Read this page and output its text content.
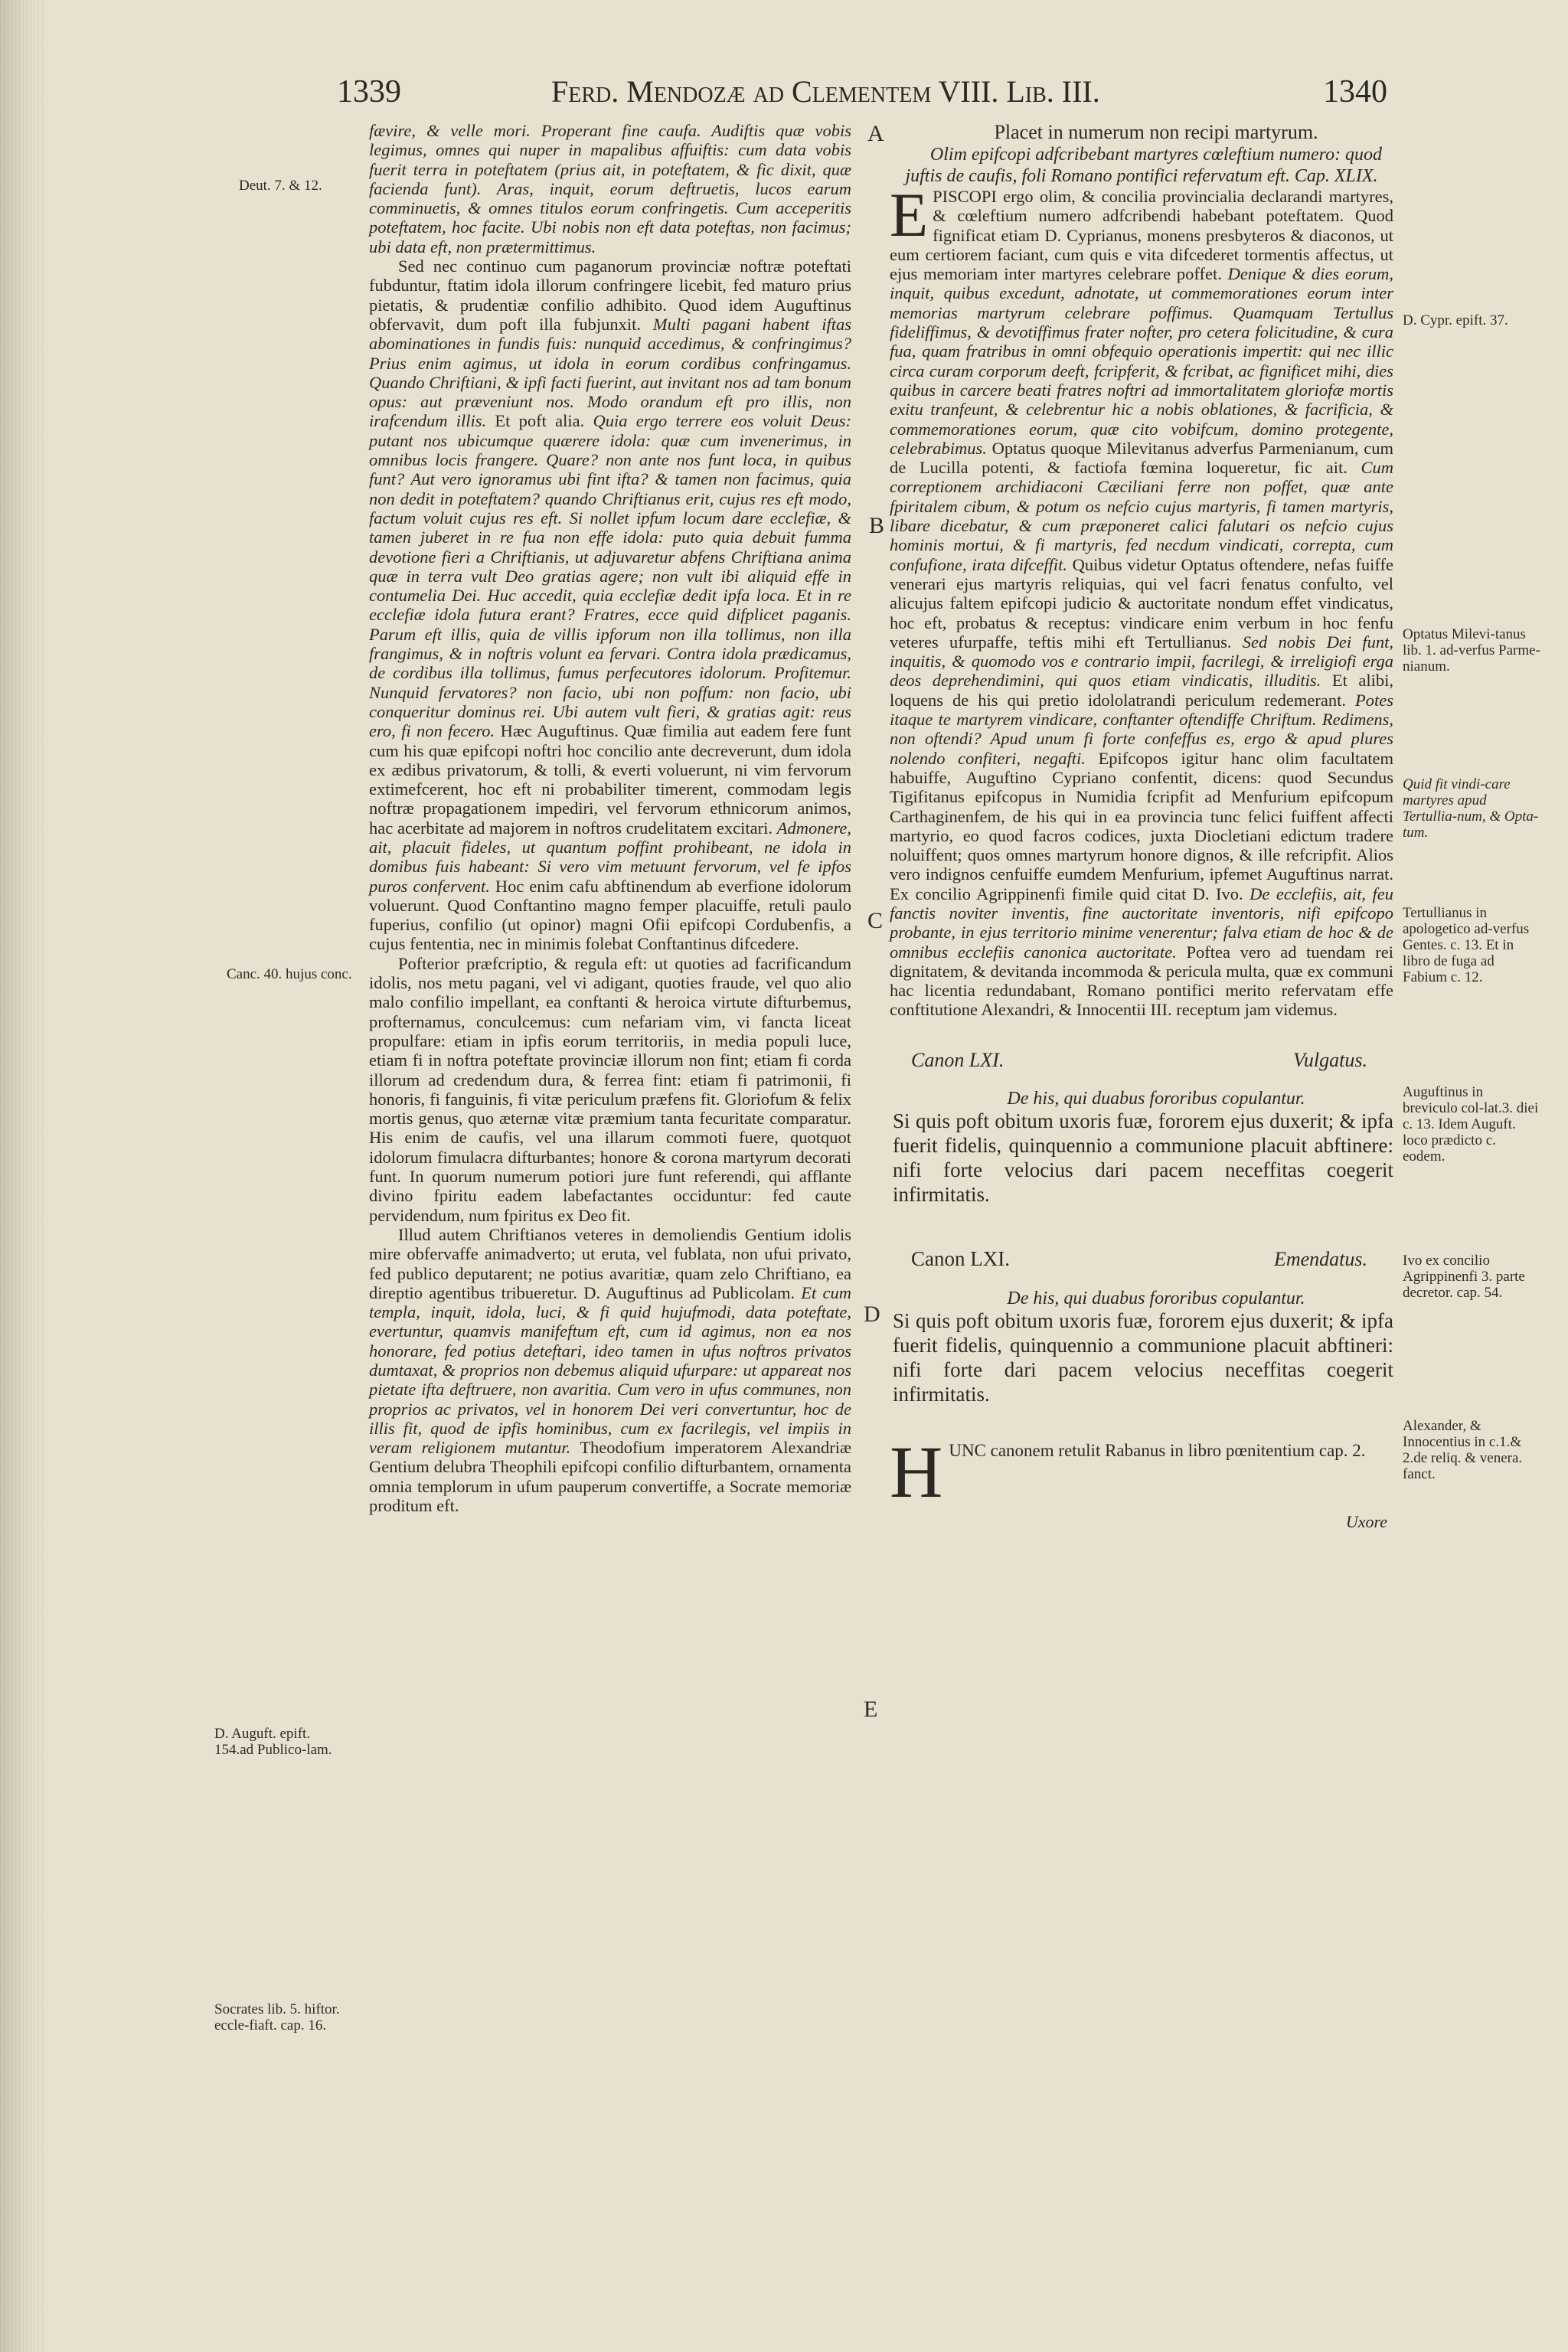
1339	Ferd. Mendozæ ad Clementem VIII. Lib. III.	1340
Deut. 7. & 12.
Canc. 40. hujus conc.
D. Auguft. epift. 154.ad Publico-lam.
Socrates lib. 5. hiftor. eccle-fiaft. cap. 16.
A
B
C
D
E
D. Cypr. epift. 37.
Optatus Milevi-tanus lib. 1. ad-verfus Parme-nianum.
Quid fit vindi-care martyres apud Tertullia-num, & Opta-tum.
Tertullianus in apologetico ad-verfus Gentes. c. 13. Et in libro de fuga ad Fabium c. 12.
Auguftinus in breviculo col-lat.3. diei c. 13. Idem Auguft. loco prædicto c. eodem.
Ivo ex concilio Agrippinenfi 3. parte decretor. cap. 54.
Alexander, & Innocentius in c.1.& 2.de reliq. & venera. fanct.

fævire, & velle mori. Properant fine caufa. Audiftis quæ vobis legimus, omnes qui nuper in mapalibus affuiftis: cum data vobis fuerit terra in poteftatem (prius ait, in poteftatem, & fic dixit, quæ facienda funt). Aras, inquit, eorum deftruetis, lucos earum comminuetis, & omnes titulos eorum confringetis. Cum acceperitis poteftatem, hoc facite. Ubi nobis non eft data poteftas, non facimus; ubi data eft, non prætermittimus.

Sed nec continuo cum paganorum provinciæ noftræ poteftati fubduntur, ftatim idola illorum confringere licebit, fed maturo prius pietatis, & prudentiæ confilio adhibito. Quod idem Auguftinus obfervavit, dum poft illa fubjunxit. Multi pagani habent iftas abominationes in fundis fuis: nunquid accedimus, & confringimus? Prius enim agimus, ut idola in eorum cordibus confringamus. Quando Chriftiani, & ipfi facti fuerint, aut invitant nos ad tam bonum opus: aut præveniunt nos. Modo orandum eft pro illis, non irafcendum illis. Et poft alia. Quia ergo terrere eos voluit Deus: putant nos ubicumque quærere idola: quæ cum invenerimus, in omnibus locis frangere. Quare? non ante nos funt loca, in quibus funt? Aut vero ignoramus ubi fint ifta? & tamen non facimus, quia non dedit in poteftatem? quando Chriftianus erit, cujus res eft modo, factum voluit cujus res eft. Si nollet ipfum locum dare ecclefiæ, & tamen juberet in re fua non effe idola: puto quia debuit fumma devotione fieri a Chriftianis, ut adjuvaretur abfens Chriftiana anima quæ in terra vult Deo gratias agere; non vult ibi aliquid effe in contumelia Dei. Huc accedit, quia ecclefiæ dedit ipfa loca. Et in re ecclefiæ idola futura erant? Fratres, ecce quid difplicet paganis. Parum eft illis, quia de villis ipforum non illa tollimus, non illa frangimus, & in noftris volunt ea fervari. Contra idola prædicamus, de cordibus illa tollimus, fumus perfecutores idolorum. Profitemur. Nunquid fervatores? non facio, ubi non poffum: non facio, ubi conqueritur dominus rei. Ubi autem vult fieri, & gratias agit: reus ero, fi non fecero. Hæc Auguftinus. Quæ fimilia aut eadem fere funt cum his quæ epifcopi noftri hoc concilio ante decreverunt, dum idola ex ædibus privatorum, & tolli, & everti voluerunt, ni vim fervorum extimefcerent, hoc eft ni probabiliter timerent, commodam legis noftræ propagationem impediri, vel fervorum ethnicorum animos, hac acerbitate ad majorem in noftros crudelitatem excitari. Admonere, ait, placuit fideles, ut quantum poffint prohibeant, ne idola in domibus fuis habeant: Si vero vim metuunt fervorum, vel fe ipfos puros confervent. Hoc enim cafu abftinendum ab everfione idolorum voluerunt. Quod Conftantino magno femper placuiffe, retuli paulo fuperius, confilio (ut opinor) magni Ofii epifcopi Cordubenfis, a cujus fententia, nec in minimis folebat Conftantinus difcedere.

Pofterior præfcriptio, & regula eft: ut quoties ad facrificandum idolis, nos metu pagani, vel vi adigant, quoties fraude, vel quo alio malo confilio impellant, ea conftanti & heroica virtute difturbemus, profternamus, conculcemus: cum nefariam vim, vi fancta liceat propulfare: etiam in ipfis eorum territoriis, in media populi luce, etiam fi in noftra poteftate provinciæ illorum non fint; etiam fi corda illorum ad credendum dura, & ferrea fint: etiam fi patrimonii, fi honoris, fi fanguinis, fi vitæ periculum præfens fit. Gloriofum & felix mortis genus, quo æternæ vitæ præmium tanta fecuritate comparatur. His enim de caufis, vel una illarum commoti fuere, quotquot idolorum fimulacra difturbantes; honore & corona martyrum decorati funt. In quorum numerum potiori jure funt referendi, qui afflante divino fpiritu eadem labefactantes occiduntur: fed caute pervidendum, num fpiritus ex Deo fit.

Illud autem Chriftianos veteres in demoliendis Gentium idolis mire obfervaffe animadverto; ut eruta, vel fublata, non ufui privato, fed publico deputarent; ne potius avaritiæ, quam zelo Chriftiano, ea direptio agentibus tribueretur. D. Auguftinus ad Publicolam. Et cum templa, inquit, idola, luci, & fi quid hujufmodi, data poteftate, evertuntur, quamvis manifeftum eft, cum id agimus, non ea nos honorare, fed potius deteftari, ideo tamen in ufus noftros privatos dumtaxat, & proprios non debemus aliquid ufurpare: ut appareat nos pietate ifta deftruere, non avaritia. Cum vero in ufus communes, non proprios ac privatos, vel in honorem Dei veri convertuntur, hoc de illis fit, quod de ipfis hominibus, cum ex facrilegis, vel impiis in veram religionem mutantur. Theodofium imperatorem Alexandriæ Gentium delubra Theophili epifcopi confilio difturbantem, ornamenta omnia templorum in ufum pauperum convertiffe, a Socrate memoriæ proditum eft.

Placet in numerum non recipi martyrum.

Olim epifcopi adfcribebant martyres cœleftium numero: quod juftis de caufis, foli Romano pontifici refervatum eft. Cap. XLIX.

EPISCOPI ergo olim, & concilia provincialia declarandi martyres, & cœleftium numero adfcribendi habebant poteftatem. Quod fignificat etiam D. Cyprianus, monens presbyteros & diaconos, ut eum certiorem faciant, cum quis e vita difcederet tormentis affectus, ut ejus memoriam inter martyres celebrare poffet. Denique & dies eorum, inquit, quibus excedunt, adnotate, ut commemorationes eorum inter memorias martyrum celebrare poffimus. Quamquam Tertullus fideliffimus, & devotiffimus frater nofter, pro cetera folicitudine, & cura fua, quam fratribus in omni obfequio operationis impertit: qui nec illic circa curam corporum deeft, fcripferit, & fcribat, ac fignificet mihi, dies quibus in carcere beati fratres noftri ad immortalitatem gloriofæ mortis exitu tranfeunt, & celebrentur hic a nobis oblationes, & facrificia, & commemorationes eorum, quæ cito vobifcum, domino protegente, celebrabimus. Optatus quoque Milevitanus adverfus Parmenianum, cum de Lucilla potenti, & factiofa fœmina loqueretur, fic ait. Cum correptionem archidiaconi Cæciliani ferre non poffet, quæ ante fpiritalem cibum, & potum os nefcio cujus martyris, fi tamen martyris, libare dicebatur, & cum præponeret calici falutari os nefcio cujus hominis mortui, & fi martyris, fed necdum vindicati, correpta, cum confufione, irata difceffit. Quibus videtur Optatus oftendere, nefas fuiffe venerari ejus martyris reliquias, qui vel facri fenatus confulto, vel alicujus faltem epifcopi judicio & auctoritate nondum effet vindicatus, hoc eft, probatus & receptus: vindicare enim verbum in hoc fenfu veteres ufurpaffe, teftis mihi eft Tertullianus. Sed nobis Dei funt, inquitis, & quomodo vos e contrario impii, facrilegi, & irreligiofi erga deos deprehendimini, qui quos etiam vindicatis, illuditis. Et alibi, loquens de his qui pretio idololatrandi periculum redemerant. Potes itaque te martyrem vindicare, conftanter oftendiffe Chriftum. Redimens, non oftendi? Apud unum fi forte confeffus es, ergo & apud plures nolendo confiteri, negafti. Epifcopos igitur hanc olim facultatem habuiffe, Auguftino Cypriano confentit, dicens: quod Secundus Tigifitanus epifcopus in Numidia fcripfit ad Menfurium epifcopum Carthaginenfem, de his qui in ea provincia tunc felici fuiffent affecti martyrio, eo quod facros codices, juxta Diocletiani edictum tradere noluiffent; quos omnes martyrum honore dignos, & ille refcripfit. Alios vero indignos cenfuiffe eumdem Menfurium, ipfemet Auguftinus narrat. Ex concilio Agrippinenfi fimile quid citat D. Ivo. De ecclefiis, ait, feu fanctis noviter inventis, fine auctoritate inventoris, nifi epifcopo probante, in ejus territorio minime venerentur; falva etiam de hoc & de omnibus ecclefiis canonica auctoritate. Poftea vero ad tuendam rei dignitatem, & devitanda incommoda & pericula multa, quæ ex communi hac licentia redundabant, Romano pontifici merito refervatam effe conftitutione Alexandri, & Innocentii III. receptum jam videmus.

Canon LXI.	Vulgatus.

De his, qui duabus fororibus copulantur.

Si quis poft obitum uxoris fuæ, fororem ejus duxerit; & ipfa fuerit fidelis, quinquennio a communione placuit abftinere: nifi forte velocius dari pacem neceffitas coegerit infirmitatis.

Canon LXI.	Emendatus.

De his, qui duabus fororibus copulantur.

Si quis poft obitum uxoris fuæ, fororem ejus duxerit; & ipfa fuerit fidelis, quinquennio a communione placuit abftineri: nifi forte dari pacem velocius neceffitas coegerit infirmitatis.

HUNC canonem retulit Rabanus in libro pœnitentium cap. 2.

Uxore
